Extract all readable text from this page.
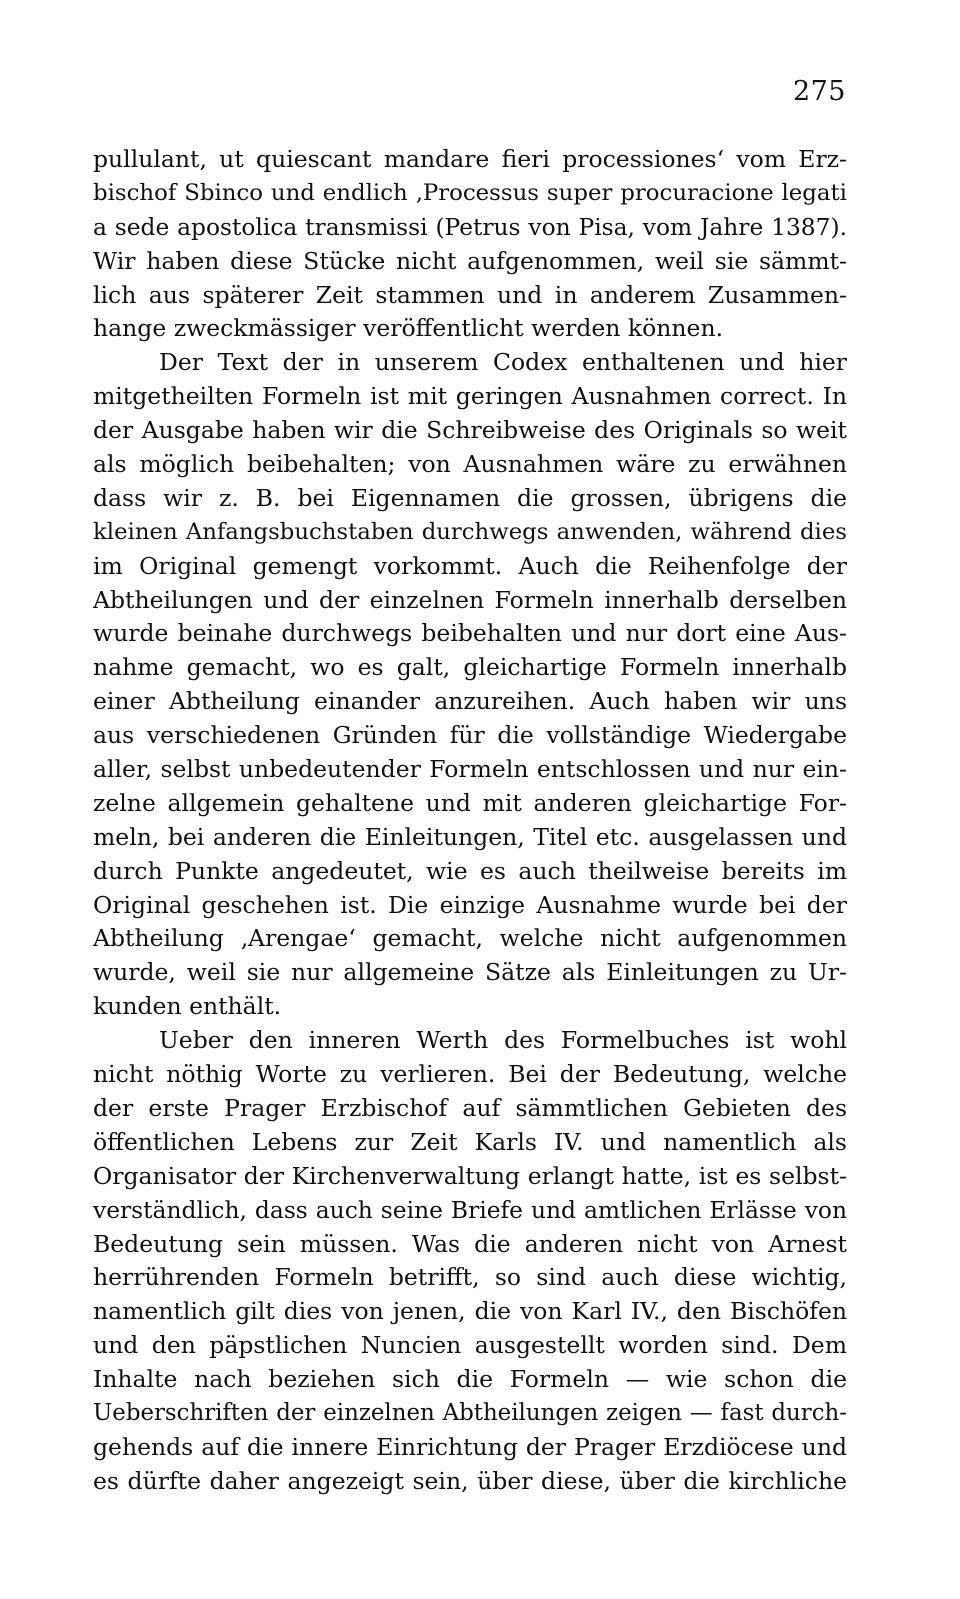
275
pullulant, ut quiescant mandare fieri processiones‘ vom Erz-
bischof Sbinco und endlich ‚Processus super procuracione legati
a sede apostolica transmissi (Petrus von Pisa, vom Jahre 1387).
Wir haben diese Stücke nicht aufgenommen, weil sie sämmt-
lich aus späterer Zeit stammen und in anderem Zusammen-
hange zweckmässiger veröffentlicht werden können.
Der Text der in unserem Codex enthaltenen und hier
mitgetheilten Formeln ist mit geringen Ausnahmen correct. In
der Ausgabe haben wir die Schreibweise des Originals so weit
als möglich beibehalten; von Ausnahmen wäre zu erwähnen
dass wir z. B. bei Eigennamen die grossen, übrigens die
kleinen Anfangsbuchstaben durchwegs anwenden, während dies
im Original gemengt vorkommt. Auch die Reihenfolge der
Abtheilungen und der einzelnen Formeln innerhalb derselben
wurde beinahe durchwegs beibehalten und nur dort eine Aus-
nahme gemacht, wo es galt, gleichartige Formeln innerhalb
einer Abtheilung einander anzureihen. Auch haben wir uns
aus verschiedenen Gründen für die vollständige Wiedergabe
aller, selbst unbedeutender Formeln entschlossen und nur ein-
zelne allgemein gehaltene und mit anderen gleichartige For-
meln, bei anderen die Einleitungen, Titel etc. ausgelassen und
durch Punkte angedeutet, wie es auch theilweise bereits im
Original geschehen ist. Die einzige Ausnahme wurde bei der
Abtheilung ‚Arengae‘ gemacht, welche nicht aufgenommen
wurde, weil sie nur allgemeine Sätze als Einleitungen zu Ur-
kunden enthält.
Ueber den inneren Werth des Formelbuches ist wohl
nicht nöthig Worte zu verlieren. Bei der Bedeutung, welche
der erste Prager Erzbischof auf sämmtlichen Gebieten des
öffentlichen Lebens zur Zeit Karls IV. und namentlich als
Organisator der Kirchenverwaltung erlangt hatte, ist es selbst-
verständlich, dass auch seine Briefe und amtlichen Erlässe von
Bedeutung sein müssen. Was die anderen nicht von Arnest
herrührenden Formeln betrifft, so sind auch diese wichtig,
namentlich gilt dies von jenen, die von Karl IV., den Bischöfen
und den päpstlichen Nuncien ausgestellt worden sind. Dem
Inhalte nach beziehen sich die Formeln — wie schon die
Ueberschriften der einzelnen Abtheilungen zeigen — fast durch-
gehends auf die innere Einrichtung der Prager Erzdiöcese und
es dürfte daher angezeigt sein, über diese, über die kirchliche
